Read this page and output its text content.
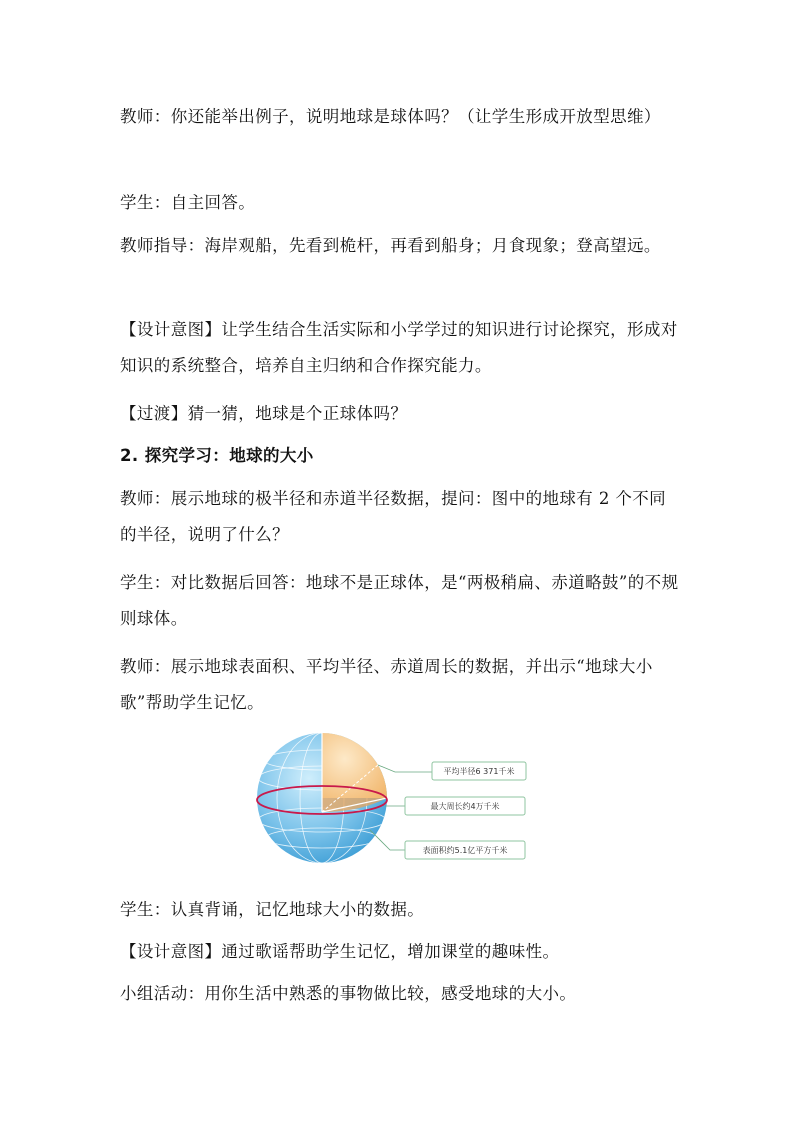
教师：你还能举出例子，说明地球是球体吗？（让学生形成开放型思维）

学生：自主回答。

教师指导：海岸观船，先看到桅杆，再看到船身；月食现象；登高望远。

【设计意图】让学生结合生活实际和小学学过的知识进行讨论探究，形成对知识的系统整合，培养自主归纳和合作探究能力。

【过渡】猜一猜，地球是个正球体吗？

2. 探究学习：地球的大小

教师：展示地球的极半径和赤道半径数据，提问：图中的地球有 2 个不同的半径，说明了什么？

学生：对比数据后回答：地球不是正球体，是“两极稍扁、赤道略鼓”的不规则球体。

教师：展示地球表面积、平均半径、赤道周长的数据，并出示“地球大小歌”帮助学生记忆。

平均半径6 371千米
最大周长约4万千米
表面积约5.1亿平方千米

学生：认真背诵，记忆地球大小的数据。

【设计意图】通过歌谣帮助学生记忆，增加课堂的趣味性。

小组活动：用你生活中熟悉的事物做比较，感受地球的大小。
